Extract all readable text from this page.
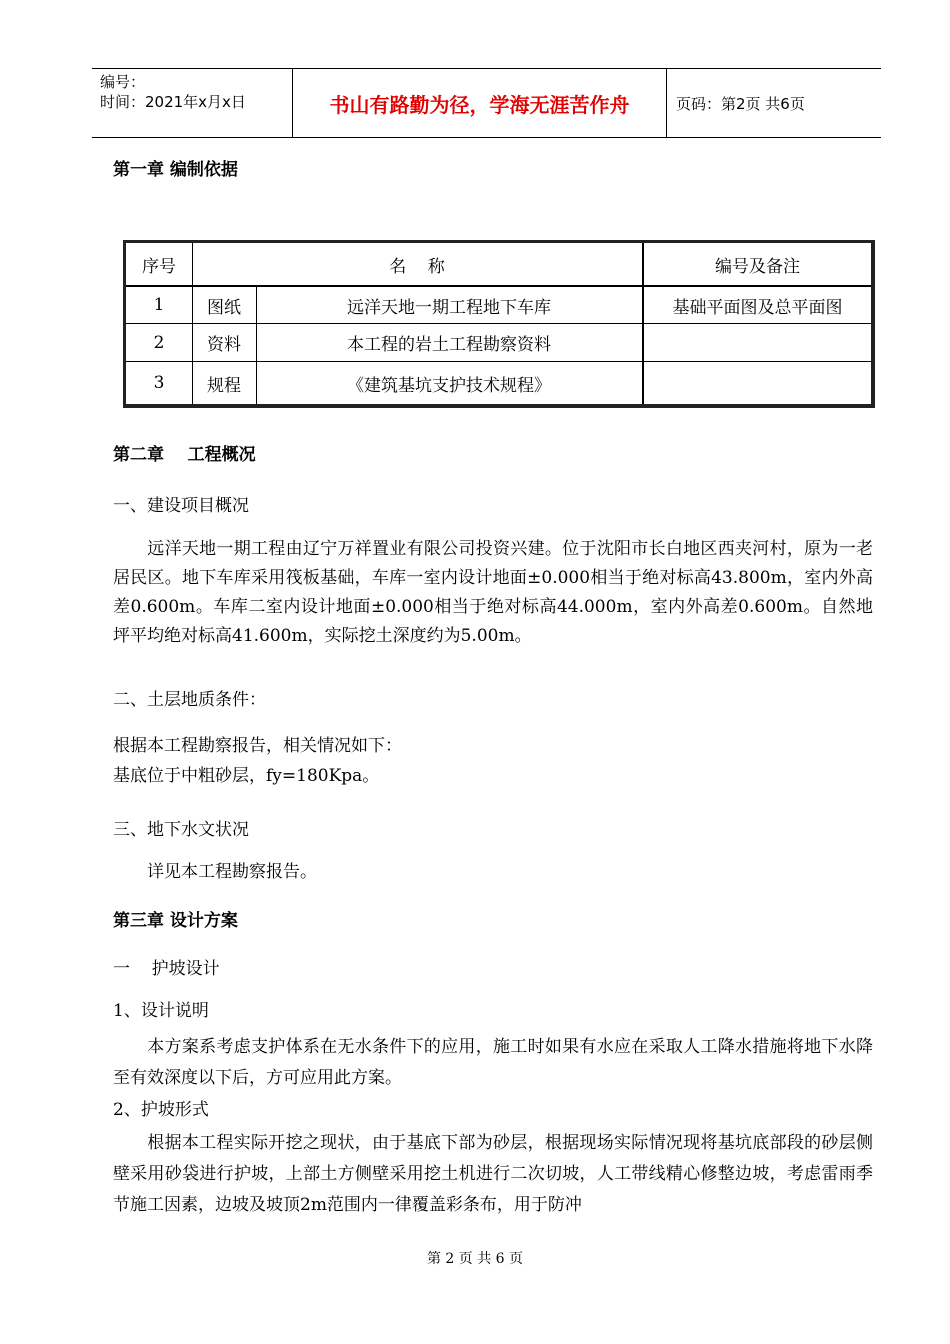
编号：
时间：2021年x月x日	书山有路勤为径，学海无涯苦作舟	页码：第2页 共6页
第一章 编制依据
序号	名    称	编号及备注
1	图纸	远洋天地一期工程地下车库	基础平面图及总平面图
2	资料	本工程的岩土工程勘察资料
3	规程	《建筑基坑支护技术规程》
第二章    工程概况
一、建设项目概况
远洋天地一期工程由辽宁万祥置业有限公司投资兴建。位于沈阳市长白地区西夹河村，原为一老居民区。地下车库采用筏板基础，车库一室内设计地面±0.000相当于绝对标高43.800m，室内外高差0.600m。车库二室内设计地面±0.000相当于绝对标高44.000m，室内外高差0.600m。自然地坪平均绝对标高41.600m，实际挖土深度约为5.00m。
二、土层地质条件：
根据本工程勘察报告，相关情况如下：
基底位于中粗砂层，fy=180Kpa。
三、地下水文状况
详见本工程勘察报告。
第三章 设计方案
一    护坡设计
1、设计说明
本方案系考虑支护体系在无水条件下的应用，施工时如果有水应在采取人工降水措施将地下水降至有效深度以下后，方可应用此方案。
2、护坡形式
根据本工程实际开挖之现状，由于基底下部为砂层，根据现场实际情况现将基坑底部段的砂层侧壁采用砂袋进行护坡，上部土方侧壁采用挖土机进行二次切坡，人工带线精心修整边坡，考虑雷雨季节施工因素，边坡及坡顶2m范围内一律覆盖彩条布，用于防冲
第 2 页 共 6 页
